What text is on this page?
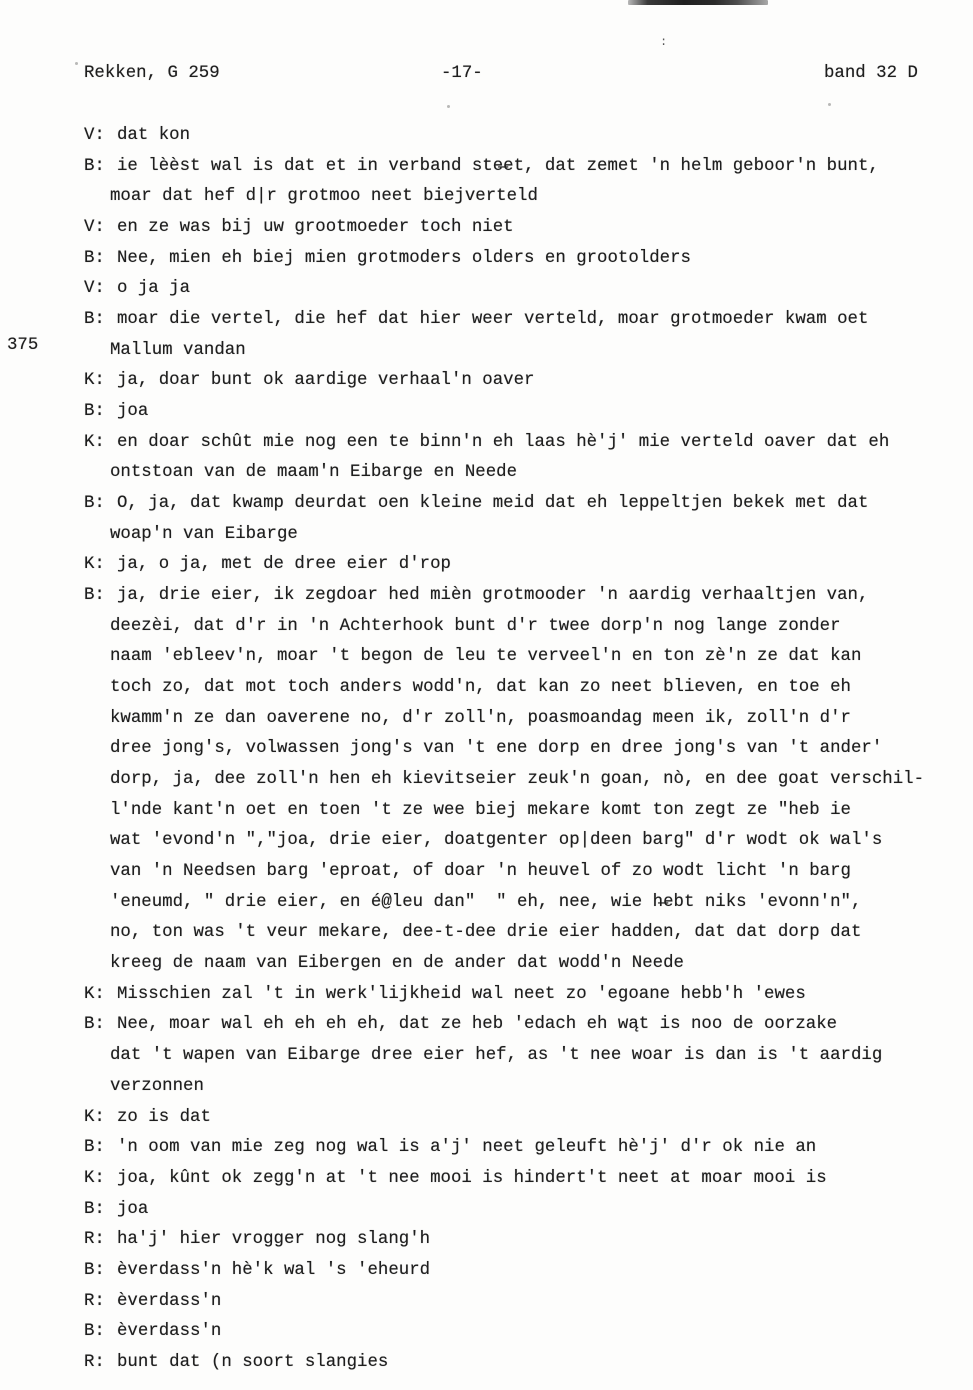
:
Rekken, G 259	-17-	band 32 D
375
V: dat kon
B: ie lèèst wal is dat et in verband ste̶et, dat zemet 'n helm geboor'n bunt,
moar dat hef d|r grotmoo neet biejverteld
V: en ze was bij uw grootmoeder toch niet
B: Nee, mien eh biej mien grotmoders olders en grootolders
V: o ja ja
B: moar die vertel, die hef dat hier weer verteld, moar grotmoeder kwam oet
Mallum vandan
K: ja, doar bunt ok aardige verhaal'n oaver
B: joa
K: en doar schût mie nog een te binn'n eh laas hè'j' mie verteld oaver dat eh
ontstoan van de maam'n Eibarge en Neede
B: O, ja, dat kwamp deurdat oen kleine meid dat eh leppeltjen bekek met dat
woap'n van Eibarge
K: ja, o ja, met de dree eier d'rop
B: ja, drie eier, ik zegdoar hed mièn grotmooder 'n aardig verhaaltjen van,
deezèi, dat d'r in 'n Achterhook bunt d'r twee dorp'n nog lange zonder
naam 'ebleev'n, moar 't begon de leu te verveel'n en ton zè'n ze dat kan
toch zo, dat mot toch anders wodd'n, dat kan zo neet blieven, en toe eh
kwamm'n ze dan oaverene no, d'r zoll'n, poasmoandag meen ik, zoll'n d'r
dree jong's, volwassen jong's van 't ene dorp en dree jong's van 't ander'
dorp, ja, dee zoll'n hen eh kievitseier zeuk'n goan, nò, en dee goat verschil-
l'nde kant'n oet en toen 't ze wee biej mekare komt ton zegt ze "heb ie
wat 'evond'n ","joa, drie eier, doatgenter op|deen barg" d'r wodt ok wal's
van 'n Needsen barg 'eproat, of doar 'n heuvel of zo wodt licht 'n barg
'eneumd, " drie eier, en é@leu dan"  " eh, nee, wie h̶ebt niks 'evonn'n",
no, ton was 't veur mekare, dee-t-dee drie eier hadden, dat dat dorp dat
kreeg de naam van Eibergen en de ander dat wodd'n Neede
K: Misschien zal 't in werk'lijkheid wal neet zo 'egoane hebb'h 'ewes
B: Nee, moar wal eh eh eh eh, dat ze heb 'edach eh wąt is noo de oorzake
dat 't wapen van Eibarge dree eier hef, as 't nee woar is dan is 't aardig
verzonnen
K: zo is dat
B: 'n oom van mie zeg nog wal is a'j' neet geleuft hè'j' d'r ok nie an
K: joa, kûnt ok zegg'n at 't nee mooi is hindert't neet at moar mooi is
B: joa
R: ha'j' hier vrogger nog slang'h
B: èverdass'n hè'k wal 's 'eheurd
R: èverdass'n
B: èverdass'n
R: bunt dat (n soort slangies
